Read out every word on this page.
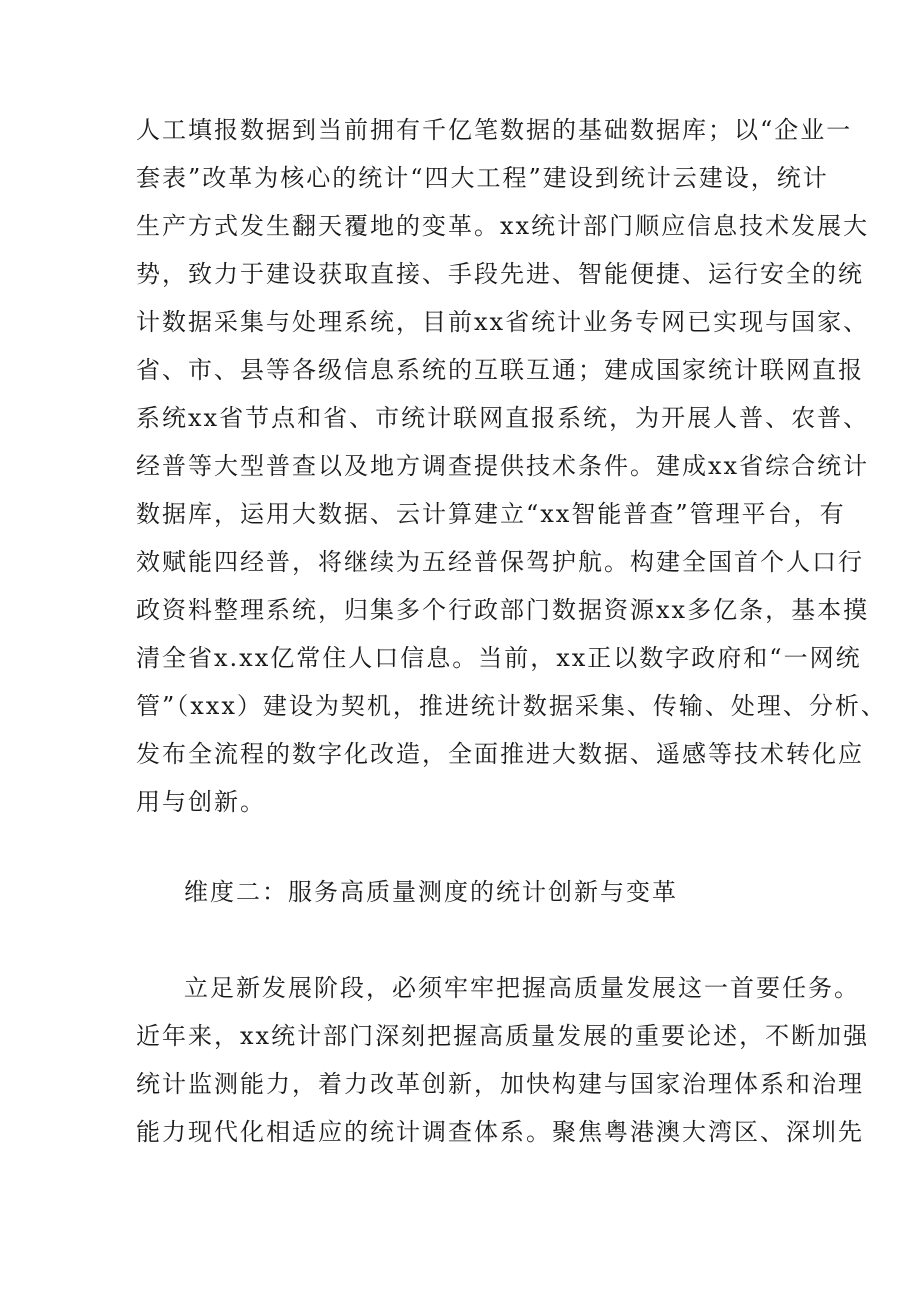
人工填报数据到当前拥有千亿笔数据的基础数据库；以“企业一
套表”改革为核心的统计“四大工程”建设到统计云建设，统计
生产方式发生翻天覆地的变革。xx统计部门顺应信息技术发展大
势，致力于建设获取直接、手段先进、智能便捷、运行安全的统
计数据采集与处理系统，目前xx省统计业务专网已实现与国家、
省、市、县等各级信息系统的互联互通；建成国家统计联网直报
系统xx省节点和省、市统计联网直报系统，为开展人普、农普、
经普等大型普查以及地方调查提供技术条件。建成xx省综合统计
数据库，运用大数据、云计算建立“xx智能普查”管理平台，有
效赋能四经普，将继续为五经普保驾护航。构建全国首个人口行
政资料整理系统，归集多个行政部门数据资源xx多亿条，基本摸
清全省x.xx亿常住人口信息。当前，xx正以数字政府和“一网统
管”（xxx）建设为契机，推进统计数据采集、传输、处理、分析、
发布全流程的数字化改造，全面推进大数据、遥感等技术转化应
用与创新。
维度二：服务高质量测度的统计创新与变革
立足新发展阶段，必须牢牢把握高质量发展这一首要任务。
近年来，xx统计部门深刻把握高质量发展的重要论述，不断加强
统计监测能力，着力改革创新，加快构建与国家治理体系和治理
能力现代化相适应的统计调查体系。聚焦粤港澳大湾区、深圳先
